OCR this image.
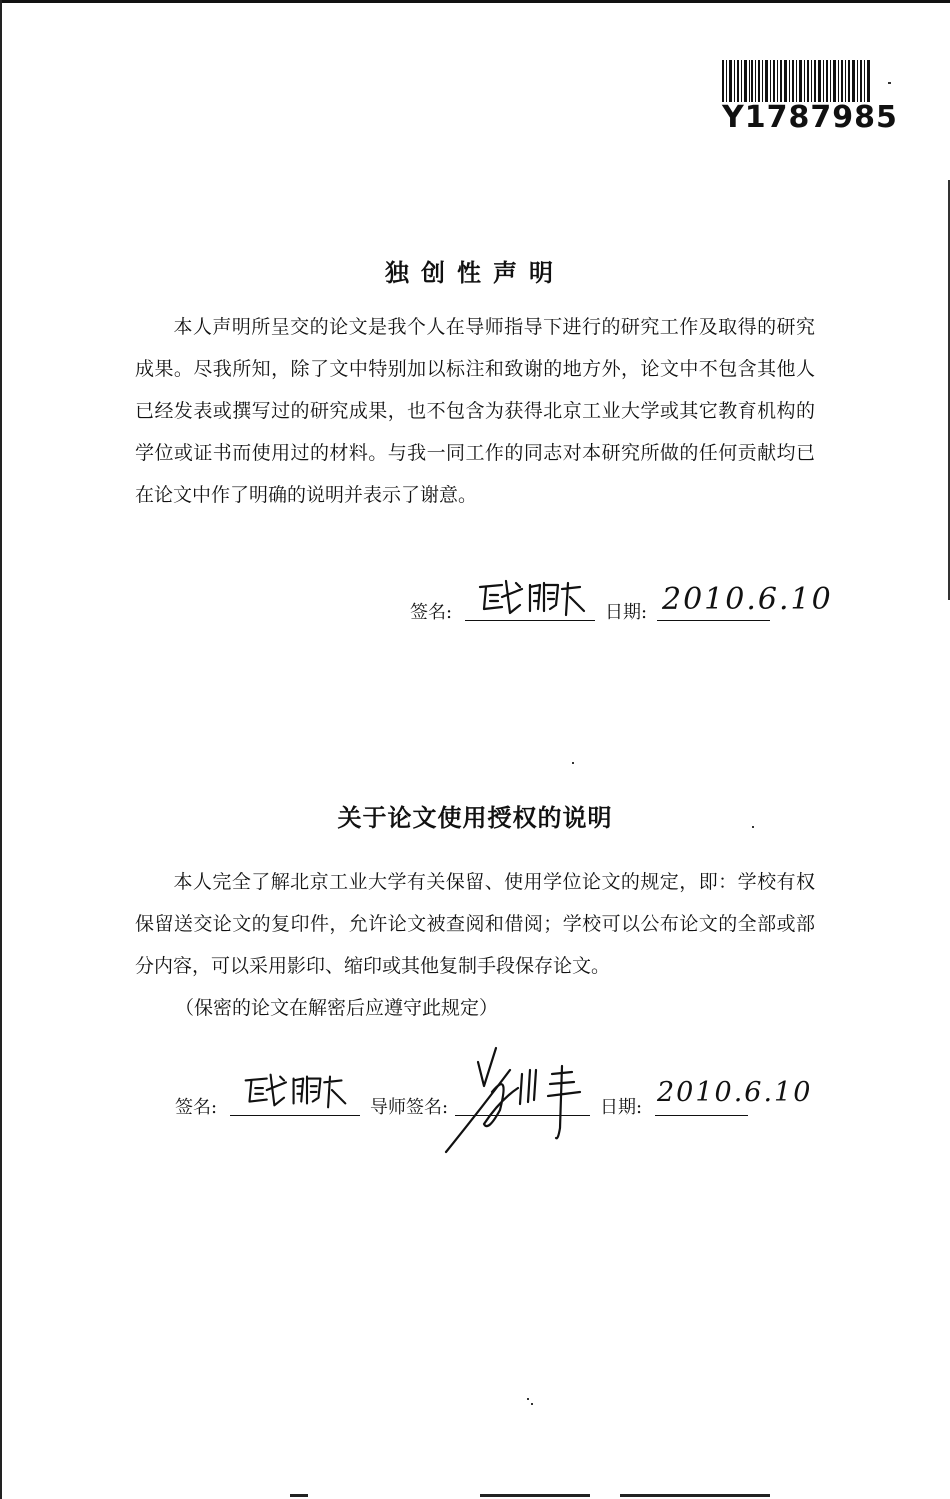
Y1787985
独创性声明

本人声明所呈交的论文是我个人在导师指导下进行的研究工作及取得的研究成果。尽我所知，除了文中特别加以标注和致谢的地方外，论文中不包含其他人已经发表或撰写过的研究成果，也不包含为获得北京工业大学或其它教育机构的学位或证书而使用过的材料。与我一同工作的同志对本研究所做的任何贡献均已在论文中作了明确的说明并表示了谢意。

签名:	日期: 2010.6.10
关于论文使用授权的说明

本人完全了解北京工业大学有关保留、使用学位论文的规定，即：学校有权保留送交论文的复印件，允许论文被查阅和借阅；学校可以公布论文的全部或部分内容，可以采用影印、缩印或其他复制手段保存论文。

（保密的论文在解密后应遵守此规定）
签名:	导师签名:	日期: 2010.6.10
